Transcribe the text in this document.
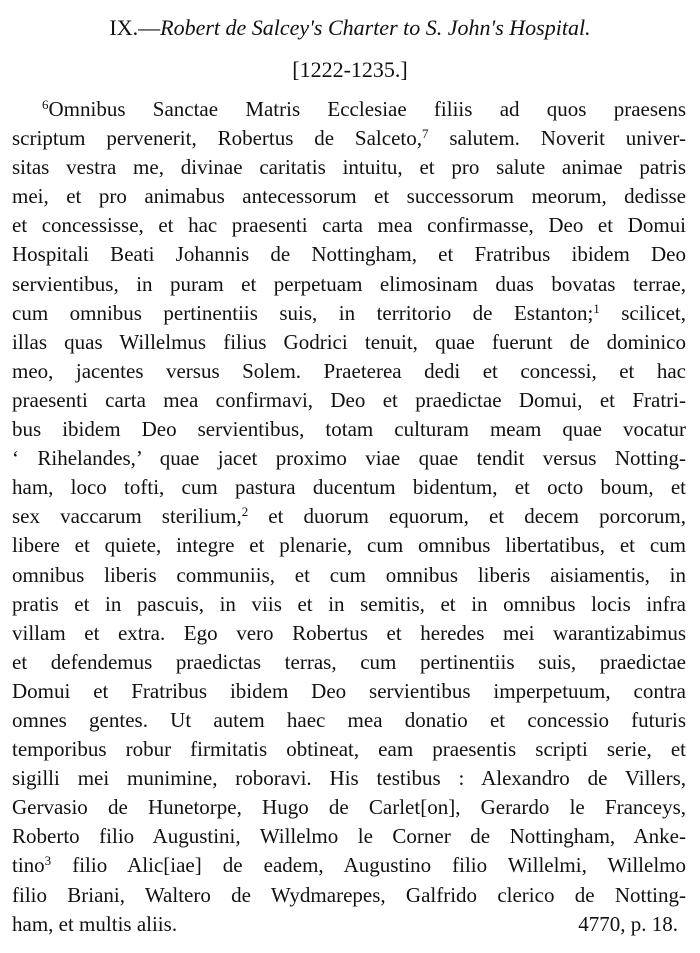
IX.—Robert de Salcey's Charter to S. John's Hospital.
[1222-1235.]
$^6$Omnibus Sanctae Matris Ecclesiae filiis ad quos praesens
scriptum pervenerit, Robertus de Salceto,$^7$ salutem. Noverit univer-
sitas vestra me, divinae caritatis intuitu, et pro salute animae patris
mei, et pro animabus antecessorum et successorum meorum, dedisse
et concessisse, et hac praesenti carta mea confirmasse, Deo et Domui
Hospitali Beati Johannis de Nottingham, et Fratribus ibidem Deo
servientibus, in puram et perpetuam elimosinam duas bovatas terrae,
cum omnibus pertinentiis suis, in territorio de Estanton;$^1$ scilicet,
illas quas Willelmus filius Godrici tenuit, quae fuerunt de dominico
meo, jacentes versus Solem. Praeterea dedi et concessi, et hac
praesenti carta mea confirmavi, Deo et praedictae Domui, et Fratri-
bus ibidem Deo servientibus, totam culturam meam quae vocatur
‘ Rihelandes,’ quae jacet proximo viae quae tendit versus Notting-
ham, loco tofti, cum pastura ducentum bidentum, et octo boum, et
sex vaccarum sterilium,$^2$ et duorum equorum, et decem porcorum,
libere et quiete, integre et plenarie, cum omnibus libertatibus, et cum
omnibus liberis communiis, et cum omnibus liberis aisiamentis, in
pratis et in pascuis, in viis et in semitis, et in omnibus locis infra
villam et extra. Ego vero Robertus et heredes mei warantizabimus
et defendemus praedictas terras, cum pertinentiis suis, praedictae
Domui et Fratribus ibidem Deo servientibus imperpetuum, contra
omnes gentes. Ut autem haec mea donatio et concessio futuris
temporibus robur firmitatis obtineat, eam praesentis scripti serie, et
sigilli mei munimine, roboravi. His testibus : Alexandro de Villers,
Gervasio de Hunetorpe, Hugo de Carlet[on], Gerardo le Franceys,
Roberto filio Augustini, Willelmo le Corner de Nottingham, Anke-
tino$^3$ filio Alic[iae] de eadem, Augustino filio Willelmi, Willelmo
filio Briani, Waltero de Wydmarepes, Galfrido clerico de Notting-
ham, et multis aliis.	4770, p. 18.
